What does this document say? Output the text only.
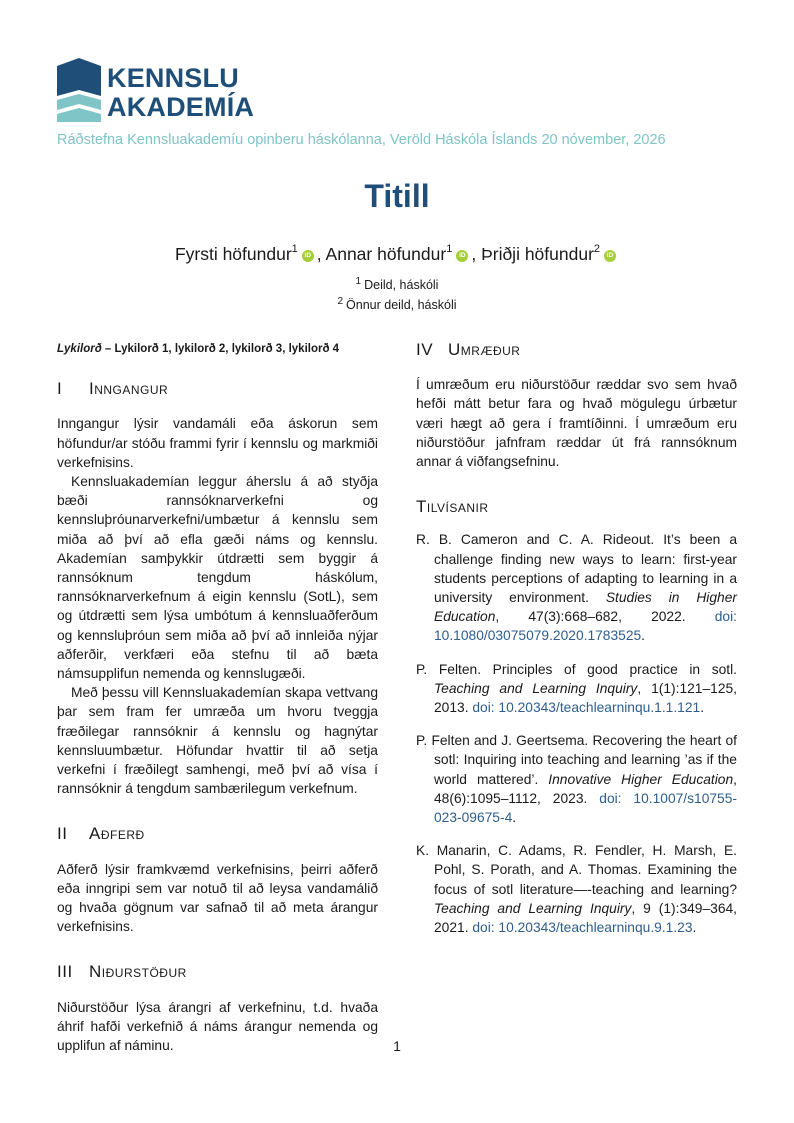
KENNSLU
AKADEMÍA
Ráðstefna Kennsluakademíu opinberu háskólanna, Veröld Háskóla Íslands 20 nóvember, 2026
Titill
Fyrsti höfundur$^1$iD , Annar höfundur$^1$iD , Þriðji höfundur$^2$iD
$^1$ Deild, háskóli
$^2$ Önnur deild, háskóli
Lykilorð – Lykilorð 1, lykilorð 2, lykilorð 3, lykilorð 4
I Inngangur

Inngangur lýsir vandamáli eða áskorun sem höfundur/ar stóðu frammi fyrir í kennslu og markmiði verkefnisins.

Kennsluakademían leggur áherslu á að styðja bæði rannsóknarverkefni og kennsluþróunarverkefni/umbætur á kennslu sem miða að því að efla gæði náms og kennslu. Akademían samþykkir útdrætti sem byggir á rannsóknum tengdum háskólum, rannsóknarverkefnum á eigin kennslu (SotL), sem og útdrætti sem lýsa umbótum á kennsluaðferðum og kennsluþróun sem miða að því að innleiða nýjar aðferðir, verkfæri eða stefnu til að bæta námsupplifun nemenda og kennslugæði.

Með þessu vill Kennsluakademían skapa vettvang þar sem fram fer umræða um hvoru tveggja fræðilegar rannsóknir á kennslu og hagnýtar kennsluumbætur. Höfundar hvattir til að setja verkefni í fræðilegt samhengi, með því að vísa í rannsóknir á tengdum sambærilegum verkefnum.

II Aðferð

Aðferð lýsir framkvæmd verkefnisins, þeirri aðferð eða inngripi sem var notuð til að leysa vandamálið og hvaða gögnum var safnað til að meta árangur verkefnisins.

III Niðurstöður

Niðurstöður lýsa árangri af verkefninu, t.d. hvaða áhrif hafði verkefnið á náms árangur nemenda og upplifun af náminu.

IV Umræður

Í umræðum eru niðurstöður ræddar svo sem hvað hefði mátt betur fara og hvað mögulegu úrbætur væri hægt að gera í framtíðinni. Í umræðum eru niðurstöður jafnfram ræddar út frá rannsóknum annar á viðfangsefninu.

Tilvísanir
R. B. Cameron and C. A. Rideout. It’s been a challenge finding new ways to learn: first-year students perceptions of adapting to learning in a university environment. Studies in Higher Education, 47(3):668–682, 2022. doi: 10.1080/03075079.2020.1783525.
P. Felten. Principles of good practice in sotl. Teaching and Learning Inquiry, 1(1):121–125, 2013. doi: 10.20343/teachlearninqu.1.1.121.
P. Felten and J. Geertsema. Recovering the heart of sotl: Inquiring into teaching and learning ’as if the world mattered’. Innovative Higher Education, 48(6):1095–1112, 2023. doi: 10.1007/s10755-023-09675-4.
K. Manarin, C. Adams, R. Fendler, H. Marsh, E. Pohl, S. Porath, and A. Thomas. Examining the focus of sotl literature—-teaching and learning? Teaching and Learning Inquiry, 9 (1):349–364, 2021. doi: 10.20343/teachlearninqu.9.1.23.
1
